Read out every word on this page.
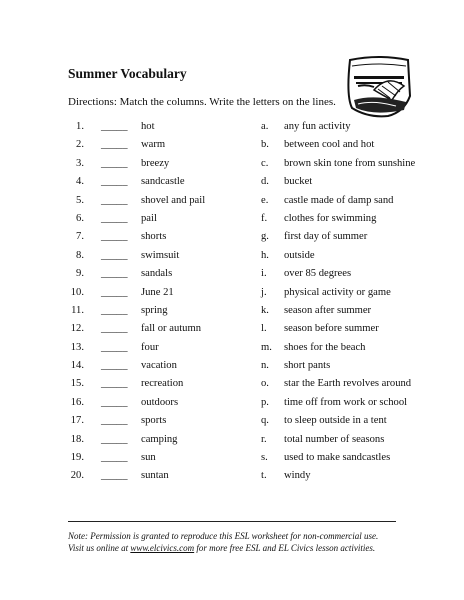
Summer Vocabulary
Directions: Match the columns. Write the letters on the lines.
1. _____ hot	a. any fun activity
2. _____ warm	b. between cool and hot
3. _____ breezy	c. brown skin tone from sunshine
4. _____ sandcastle	d. bucket
5. _____ shovel and pail	e. castle made of damp sand
6. _____ pail	f. clothes for swimming
7. _____ shorts	g. first day of summer
8. _____ swimsuit	h. outside
9. _____ sandals	i. over 85 degrees
10. _____ June 21	j. physical activity or game
11. _____ spring	k. season after summer
12. _____ fall or autumn	l. season before summer
13. _____ four	m. shoes for the beach
14. _____ vacation	n. short pants
15. _____ recreation	o. star the Earth revolves around
16. _____ outdoors	p. time off from work or school
17. _____ sports	q. to sleep outside in a tent
18. _____ camping	r. total number of seasons
19. _____ sun	s. used to make sandcastles
20. _____ suntan	t. windy
Note: Permission is granted to reproduce this ESL worksheet for non-commercial use.
Visit us online at www.elcivics.com for more free ESL and EL Civics lesson activities.
